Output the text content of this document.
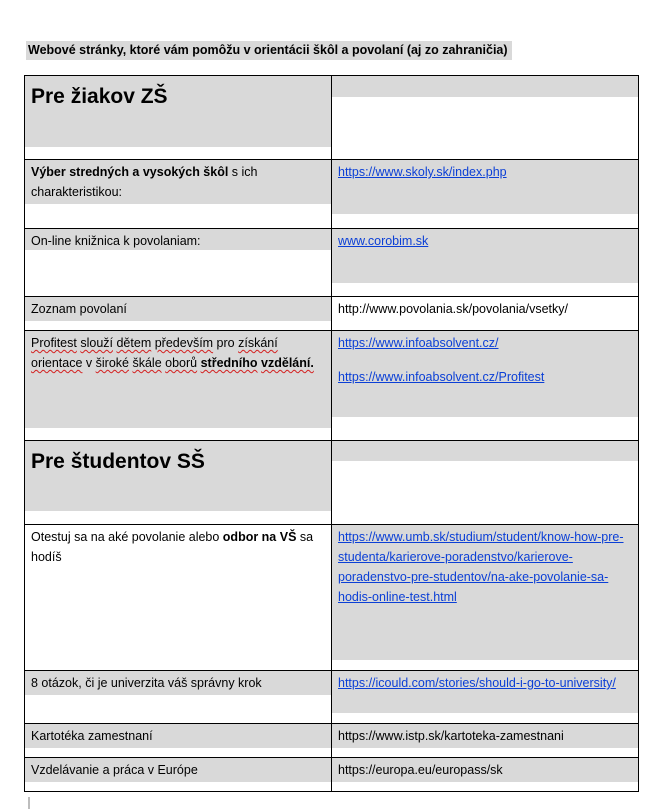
Webové stránky, ktoré vám pomôžu v orientácii škôl a povolaní (aj zo zahraničia)
Pre žiakov ZŠ	

Výber stredných a vysokých škôl s ich charakteristikou:	https://www.skoly.sk/index.php

On-line knižnica k povolaniam:	www.corobim.sk

Zoznam povolaní	http://www.povolania.sk/povolania/vsetky/

Profitest slouží dětem především pro získání orientace v široké škále oborů středního vzdělání.	https://www.infoabsolvent.cz/
https://www.infoabsolvent.cz/Profitest

Pre študentov SŠ	

Otestuj sa na aké povolanie alebo odbor na VŠ sa hodíš	https://www.umb.sk/studium/student/know-how-pre-studenta/karierove-poradenstvo/karierove-poradenstvo-pre-studentov/na-ake-povolanie-sa-hodis-online-test.html

8 otázok, či je univerzita váš správny krok	https://icould.com/stories/should-i-go-to-university/

Kartotéka zamestnaní	https://www.istp.sk/kartoteka-zamestnani

Vzdelávanie a práca v Európe	https://europa.eu/europass/sk
